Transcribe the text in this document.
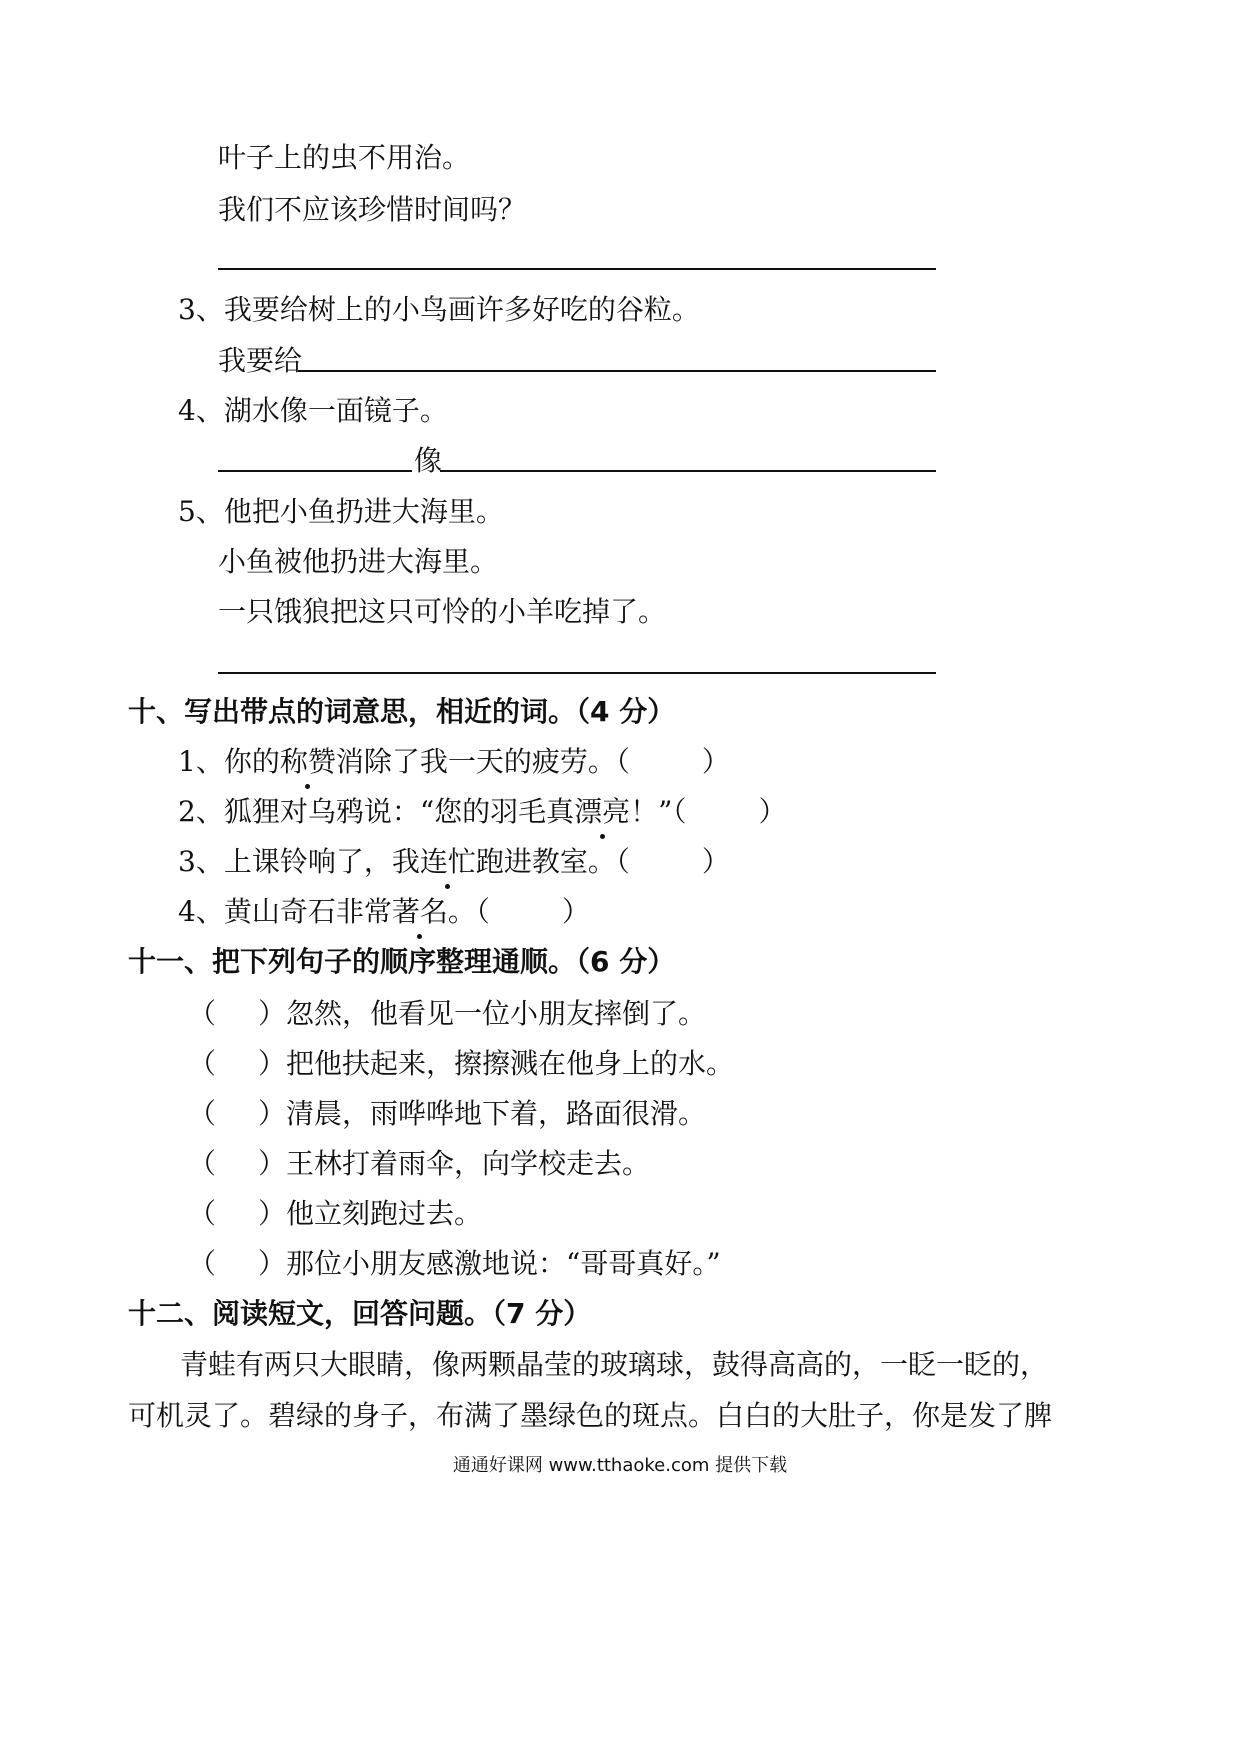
叶子上的虫不用治。
我们不应该珍惜时间吗？
3、我要给树上的小鸟画许多好吃的谷粒。
我要给
4、湖水像一面镜子。
像
5、他把小鱼扔进大海里。
小鱼被他扔进大海里。
一只饿狼把这只可怜的小羊吃掉了。
十、写出带点的词意思，相近的词。（4 分）
1、你的称赞消除了我一天的疲劳。（	）
2、狐狸对乌鸦说：“您的羽毛真漂亮！”（	）
3、上课铃响了，我连忙跑进教室。（	）
4、黄山奇石非常著名。（	）
十一、把下列句子的顺序整理通顺。（6 分）
（ ）忽然，他看见一位小朋友摔倒了。
（ ）把他扶起来，擦擦溅在他身上的水。
（ ）清晨，雨哗哗地下着，路面很滑。
（ ）王林打着雨伞，向学校走去。
（ ）他立刻跑过去。
（ ）那位小朋友感激地说：“哥哥真好。”
十二、阅读短文，回答问题。（7 分）
青蛙有两只大眼睛，像两颗晶莹的玻璃球，鼓得高高的，一眨一眨的，
可机灵了。碧绿的身子，布满了墨绿色的斑点。白白的大肚子，你是发了脾
通通好课网 www.tthaoke.com 提供下载
